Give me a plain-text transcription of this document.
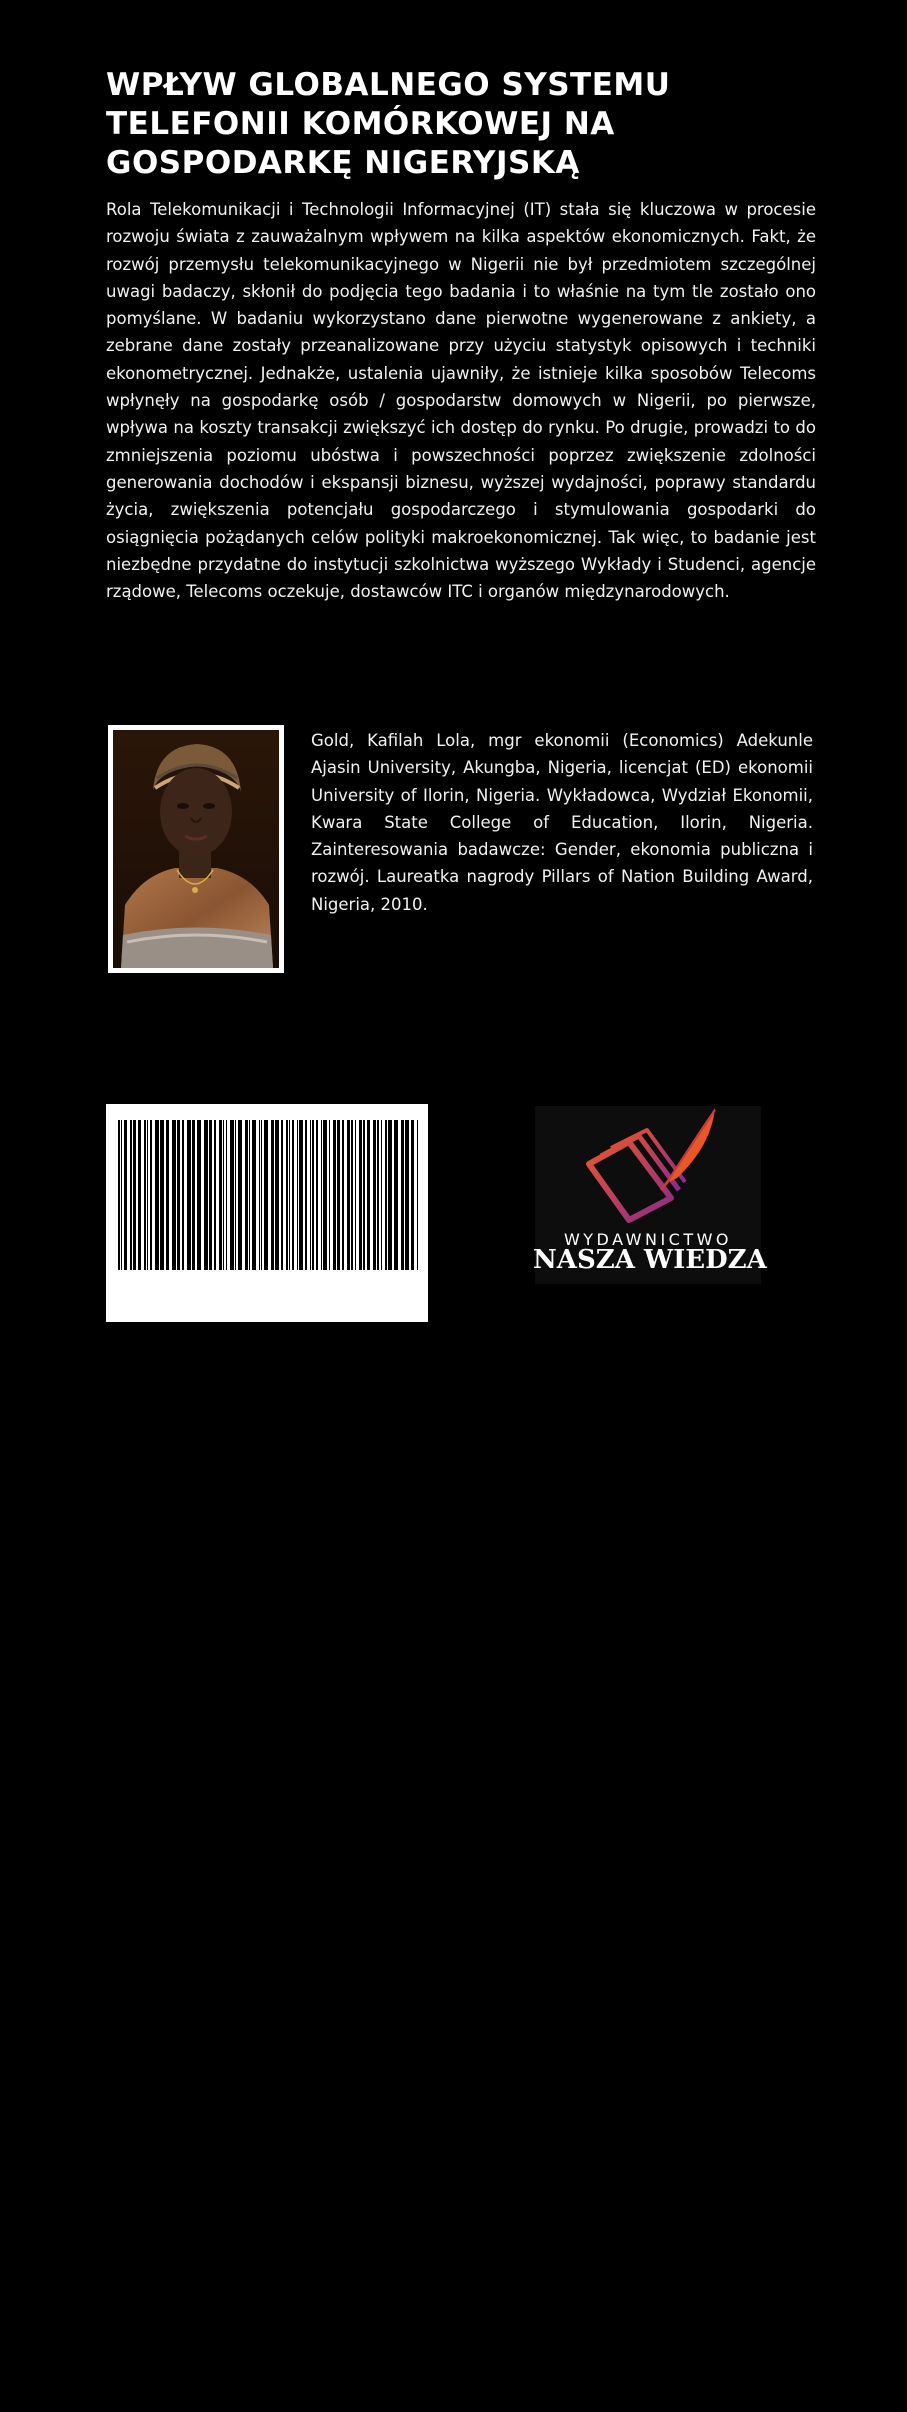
WPŁYW GLOBALNEGO SYSTEMU
TELEFONII KOMÓRKOWEJ NA
GOSPODARKĘ NIGERYJSKĄ

Rola Telekomunikacji i Technologii Informacyjnej (IT) stała się kluczowa w procesie rozwoju świata z zauważalnym wpływem na kilka aspektów ekonomicznych. Fakt, że rozwój przemysłu telekomunikacyjnego w Nigerii nie był przedmiotem szczególnej uwagi badaczy, skłonił do podjęcia tego badania i to właśnie na tym tle zostało ono pomyślane. W badaniu wykorzystano dane pierwotne wygenerowane z ankiety, a zebrane dane zostały przeanalizowane przy użyciu statystyk opisowych i techniki ekonometrycznej. Jednakże, ustalenia ujawniły, że istnieje kilka sposobów Telecoms wpłynęły na gospodarkę osób / gospodarstw domowych w Nigerii, po pierwsze, wpływa na koszty transakcji zwiększyć ich dostęp do rynku. Po drugie, prowadzi to do zmniejszenia poziomu ubóstwa i powszechności poprzez zwiększenie zdolności generowania dochodów i ekspansji biznesu, wyższej wydajności, poprawy standardu życia, zwiększenia potencjału gospodarczego i stymulowania gospodarki do osiągnięcia pożądanych celów polityki makroekonomicznej. Tak więc, to badanie jest niezbędne przydatne do instytucji szkolnictwa wyższego Wykłady i Studenci, agencje rządowe, Telecoms oczekuje, dostawców ITC i organów międzynarodowych.

Gold, Kafilah Lola, mgr ekonomii (Economics) Adekunle Ajasin University, Akungba, Nigeria, licencjat (ED) ekonomii University of Ilorin, Nigeria. Wykładowca, Wydział Ekonomii, Kwara State College of Education, Ilorin, Nigeria. Zainteresowania badawcze: Gender, ekonomia publiczna i rozwój. Laureatka nagrody Pillars of Nation Building Award, Nigeria, 2010.

9786203502077
WYDAWNICTWO
NASZA WIEDZA
